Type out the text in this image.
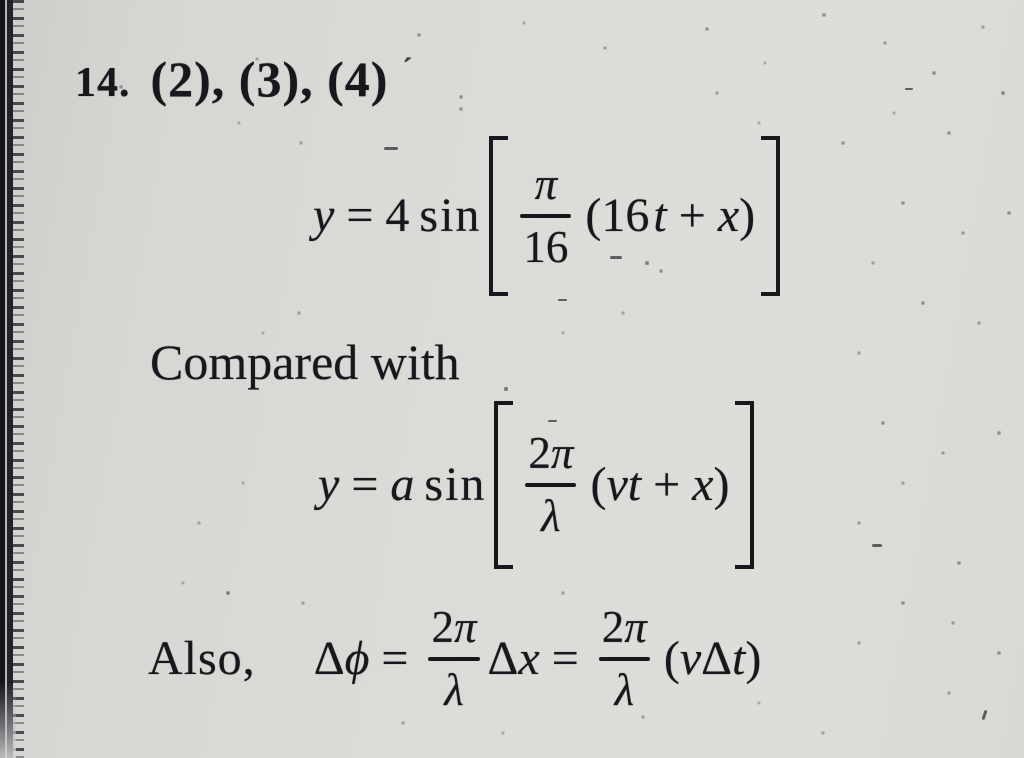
14. (2), (3), (4) ´
y = 4 $\sin \frac{\pi}{16}$ ( 16 t + x )
Compared with
y = a $\sin \frac{2 \pi}{\lambda}$ ( vt + x )
Also, Δ $\phi = \frac{2 \pi}{\lambda}$ Δ $x = \frac{2 \pi}{\lambda}$ ( v Δ t )
